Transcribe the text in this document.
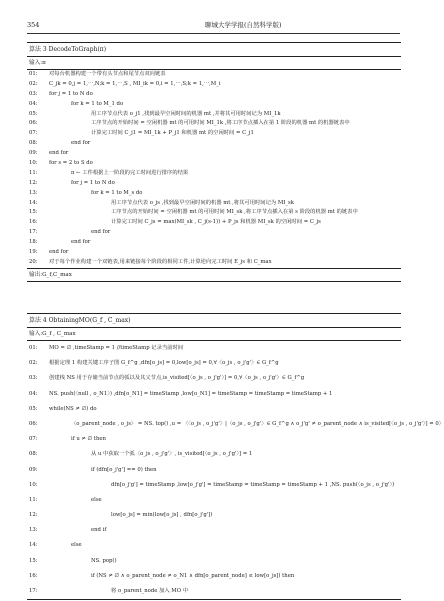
354	聊城大学学报(自然科学版)
算法 3 DecodeToGraph(π)
输入:π
01: 对每台机器构建一个带有头节点和尾节点双向链表
02: C_jk = 0,j = 1,⋯,N;k = 1,⋯,S , MI_ik = 0,i = 1,⋯,S;k = 1,⋯,M_i
03: for j = 1 to N do
04:	for k = 1 to M_1 do
05:	用工序节点代表 o_j1 ,找到最早空闲时间的机器 mt ,并将其可用时间记为 MI_1k
06:	工序节点的开始时间 = 空闲机器 mt 的可用时间 MI_1k ,将工序节点插入在第 1 阶段的机器 mt 的机器链表中
07:	计算完工时间 C_j1 = MI_1k + P_j1 和机器 mt 的空闲时间 = C_j1
08:	end for
09: end for
10: for s = 2 to S do
11:	π ← 工件根据上一阶段的完工时间进行排序的结果
12:	for j = 1 to N do
13:	for k = 1 to M_s do
14:	用工序节点代表 o_js ,找到最早空闲时间的机器 mt ,将其可用时间记为 MI_sk
15:	工序节点的开始时间 = 空闲机器 mt 的可用时间 MI_sk ,将工序节点插入在第 s 阶段的机器 mt 的链表中
16:	计算完工时间 C_js = max(MI_sk , C_j(s-1)) + P_js 和机器 MI_sk 的空闲时间 = C_js
17:	end for
18:	end for
19: end for
20: 对于每个作业构建一个双链表,用来链接每个阶段的相同工件,计算逆向完工时间 E_js 和 C_max
输出:G_f,C_max
算法 4 ObtainingMO(G_f , C_max)
输入:G_f , C_max
01: MO = ∅ ,timeStamp = 1 //timeStamp 记录当前时间
02: 根据定理 1 构建关键工序子图 G_f^g ,dfn[o_js] = 0,low[o_js] = 0,∀〈o_js , o_j'g'〉∈ G_f^g
03: 创建栈 NS 用于存储当前节点的弧以及其父节点,is_visited[〈o_js , o_j'g'〉] = 0,∀〈o_js , o_j'g'〉∈ G_f^g
04: NS. push(〈null , o_N1〉) ,dfn[o_N1] = timeStamp ,low[o_N1] = timeStamp = timeStamp = timeStamp + 1
05: while(NS ≠ ∅) do
06:	〈o_parent_node , o_js〉 = NS. top() ,u = 〈〈o_js , o_j'g'〉|〈o_js , o_j'g'〉∈ G_f^g ∧ o_j'g' ≠ o_parent_node ∧ is_visited[〈o_js , o_j'g'〉] = 0〉
07:	if u ≠ ∅ then
08:	从 u 中获取一个弧〈o_js , o_j'g'〉, is_visited[〈o_js , o_j'g'〉] = 1
09:	if (dfn[o_j'g'] == 0) then
10:	dfn[o_j'g'] = timeStamp ,low[o_j'g'] = timeStamp = timeStamp = timeStamp + 1 ,NS. push(〈o_js , o_j'g'〉)
11:	else
12:	low[o_js] = min(low[o_js] , dfn[o_j'g'])
13:	end if
14:	else
15:	NS. pop()
16:	if (NS ≠ ∅ ∧ o_parent_node ≠ o_N1 ∧ dfn[o_parent_node] ≤ low[o_js]) then
17:	将 o_parent_node 加入 MO 中
